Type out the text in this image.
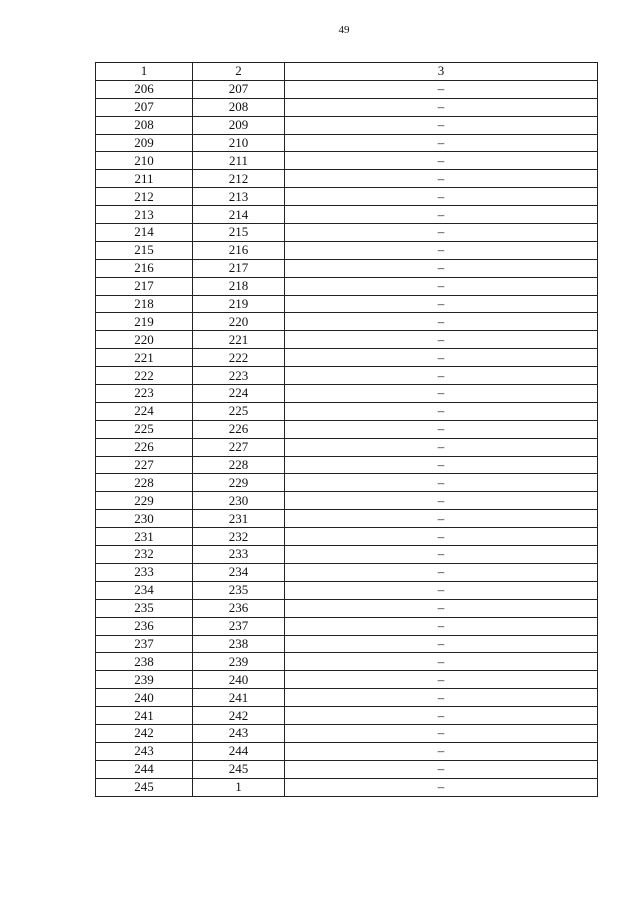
49
1	2	3
206	207	–
207	208	–
208	209	–
209	210	–
210	211	–
211	212	–
212	213	–
213	214	–
214	215	–
215	216	–
216	217	–
217	218	–
218	219	–
219	220	–
220	221	–
221	222	–
222	223	–
223	224	–
224	225	–
225	226	–
226	227	–
227	228	–
228	229	–
229	230	–
230	231	–
231	232	–
232	233	–
233	234	–
234	235	–
235	236	–
236	237	–
237	238	–
238	239	–
239	240	–
240	241	–
241	242	–
242	243	–
243	244	–
244	245	–
245	1	–
